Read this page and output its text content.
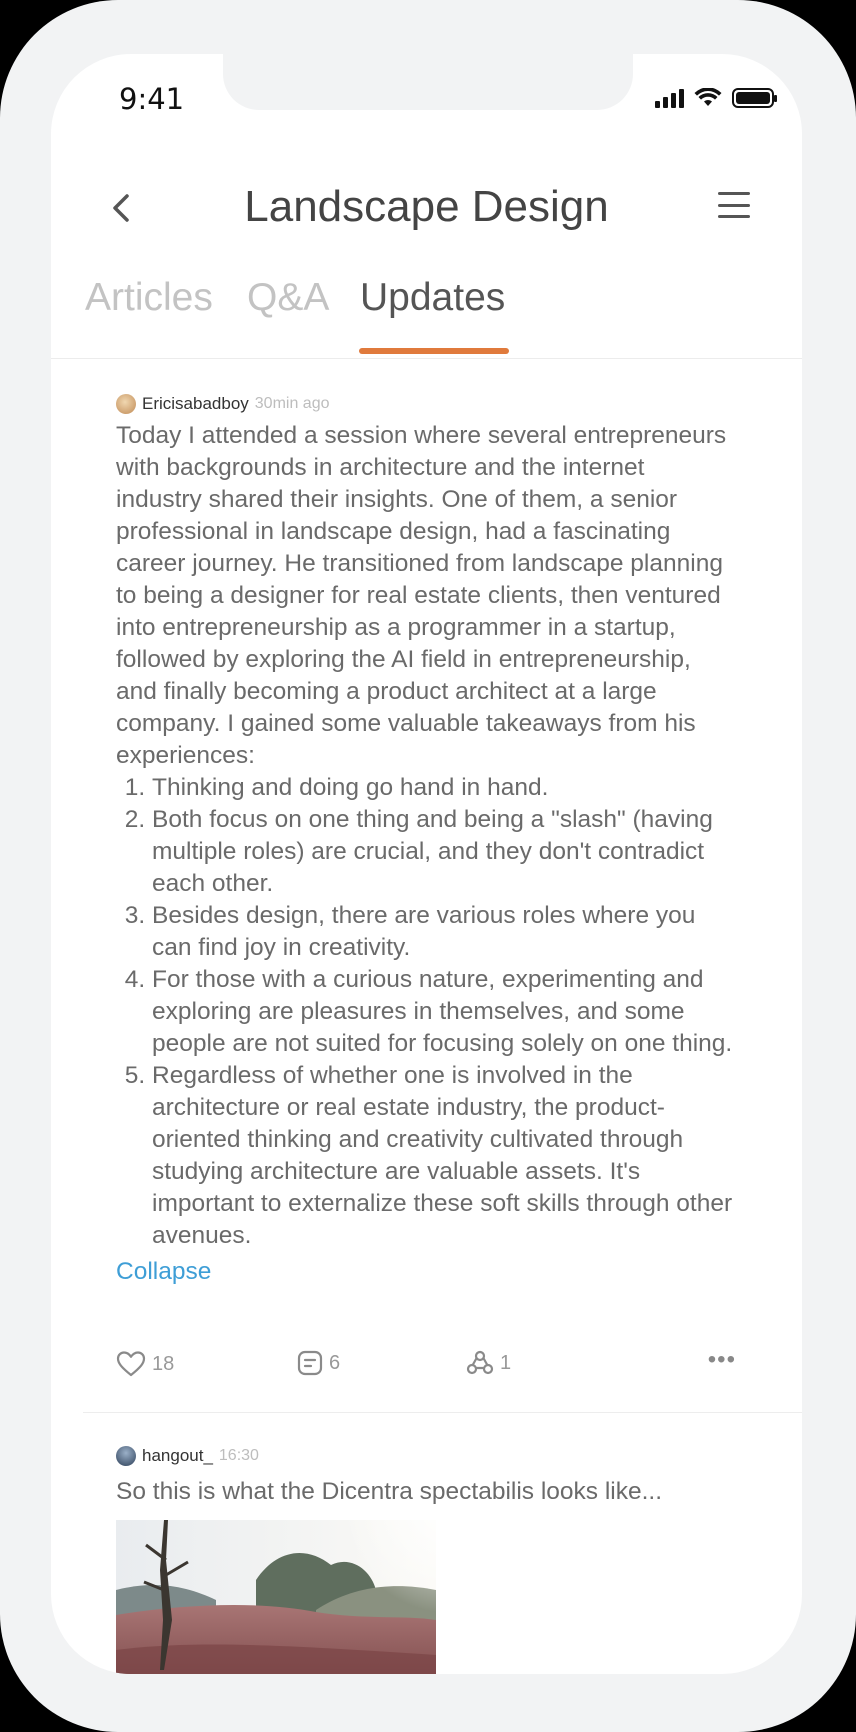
9:41
Landscape Design
Articles Q&A Updates
Ericisabadboy 30min ago
Today I attended a session where several entrepreneurs with backgrounds in architecture and the internet industry shared their insights. One of them, a senior professional in landscape design, had a fascinating career journey. He transitioned from landscape planning to being a designer for real estate clients, then ventured into entrepreneurship as a programmer in a startup, followed by exploring the AI field in entrepreneurship, and finally becoming a product architect at a large company. I gained some valuable takeaways from his experiences:
1. Thinking and doing go hand in hand.
2. Both focus on one thing and being a "slash" (having multiple roles) are crucial, and they don't contradict each other.
3. Besides design, there are various roles where you can find joy in creativity.
4. For those with a curious nature, experimenting and exploring are pleasures in themselves, and some people are not suited for focusing solely on one thing.
5. Regardless of whether one is involved in the architecture or real estate industry, the product-oriented thinking and creativity cultivated through studying architecture are valuable assets. It's important to externalize these soft skills through other avenues.
Collapse
18	6	1	•••
hangout_ 16:30
So this is what the Dicentra spectabilis looks like...
